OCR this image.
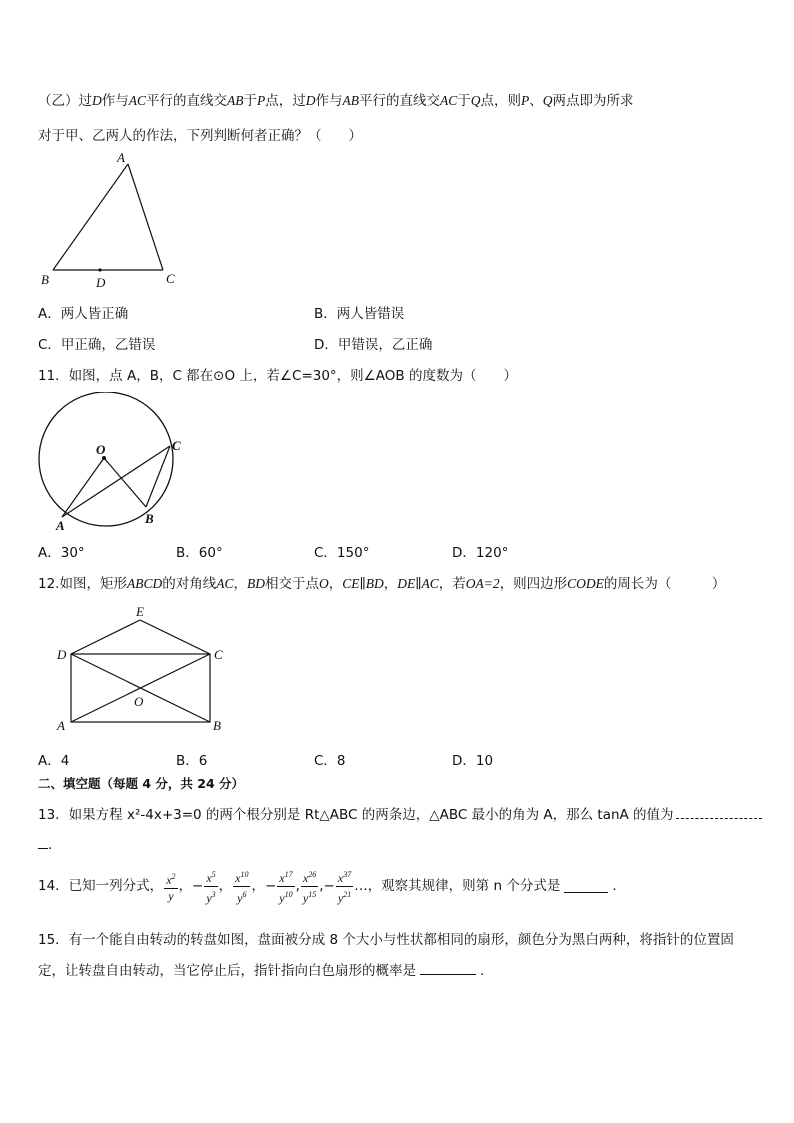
（乙）过D作与AC平行的直线交AB于P点，过D作与AB平行的直线交AC于Q点，则P、Q两点即为所求
对于甲、乙两人的作法，下列判断何者正确？（　　）
A
B	C
D
A．两人皆正确	B．两人皆错误
C．甲正确，乙错误	D．甲错误，乙正确
11．如图，点 A，B，C 都在⊙O 上，若∠C=30°，则∠AOB 的度数为（　　）
O	C
A	B
A．30°	B．60°	C．150°	D．120°
12.如图，矩形ABCD的对角线AC，BD相交于点O，CE∥BD，DE∥AC，若OA=2，则四边形CODE的周长为（　　　）
E
D	C
O
A	B
A．4	B．6	C．8	D．10
二、填空题（每题 4 分，共 24 分）
13．如果方程 x²-4x+3=0 的两个根分别是 Rt△ABC 的两条边，△ABC 最小的角为 A，那么 tanA 的值为
．
14．已知一列分式， $\frac{x^2}{y}$ ， − $\frac{x^5}{y^3}$ ， $\frac{x^{10}}{y^6}$ ， − $\frac{x^{17}}{y^{10}}$ , $\frac{x^{26}}{y^{15}}$ , − $\frac{x^{37}}{y^{21}}$ … ，观察其规律，则第 n 个分式是	.
15．有一个能自由转动的转盘如图，盘面被分成 8 个大小与性状都相同的扇形，颜色分为黑白两种，将指针的位置固
定，让转盘自由转动，当它停止后，指针指向白色扇形的概率是	.
